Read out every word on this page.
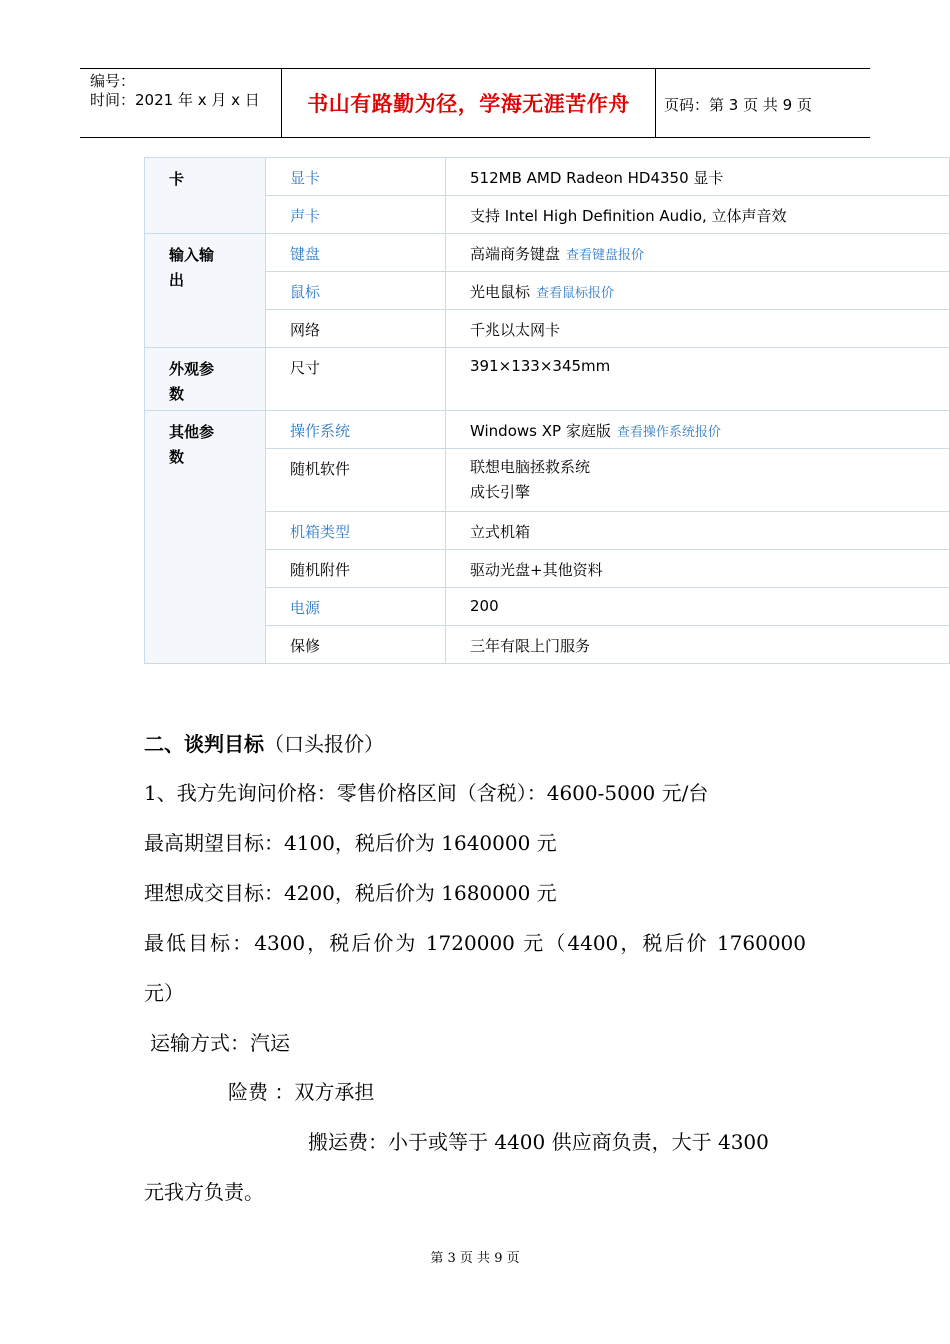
编号：
时间：2021 年 x 月 x 日	书山有路勤为径，学海无涯苦作舟	页码：第 3 页 共 9 页
卡	显卡	512MB AMD Radeon HD4350 显卡
	声卡	支持 Intel High Definition Audio, 立体声音效

输入输出	键盘	高端商务键盘 查看键盘报价
	鼠标	光电鼠标 查看鼠标报价
	网络	千兆以太网卡

外观参数	尺寸	391×133×345mm

其他参数	操作系统	Windows XP 家庭版 查看操作系统报价
	随机软件	联想电脑拯救系统
成长引擎

	机箱类型	立式机箱
	随机附件	驱动光盘+其他资料
	电源	200
	保修	三年有限上门服务
二、谈判目标（口头报价）
1、我方先询问价格：零售价格区间（含税）：4600-5000 元/台
最高期望目标：4100，税后价为 1640000 元
理想成交目标：4200，税后价为 1680000 元
最低目标：4300，税后价为 1720000 元（4400，税后价 1760000
元）
运输方式：汽运
险费 ：双方承担
搬运费：小于或等于 4400 供应商负责，大于 4300
元我方负责。
第 3 页 共 9 页
